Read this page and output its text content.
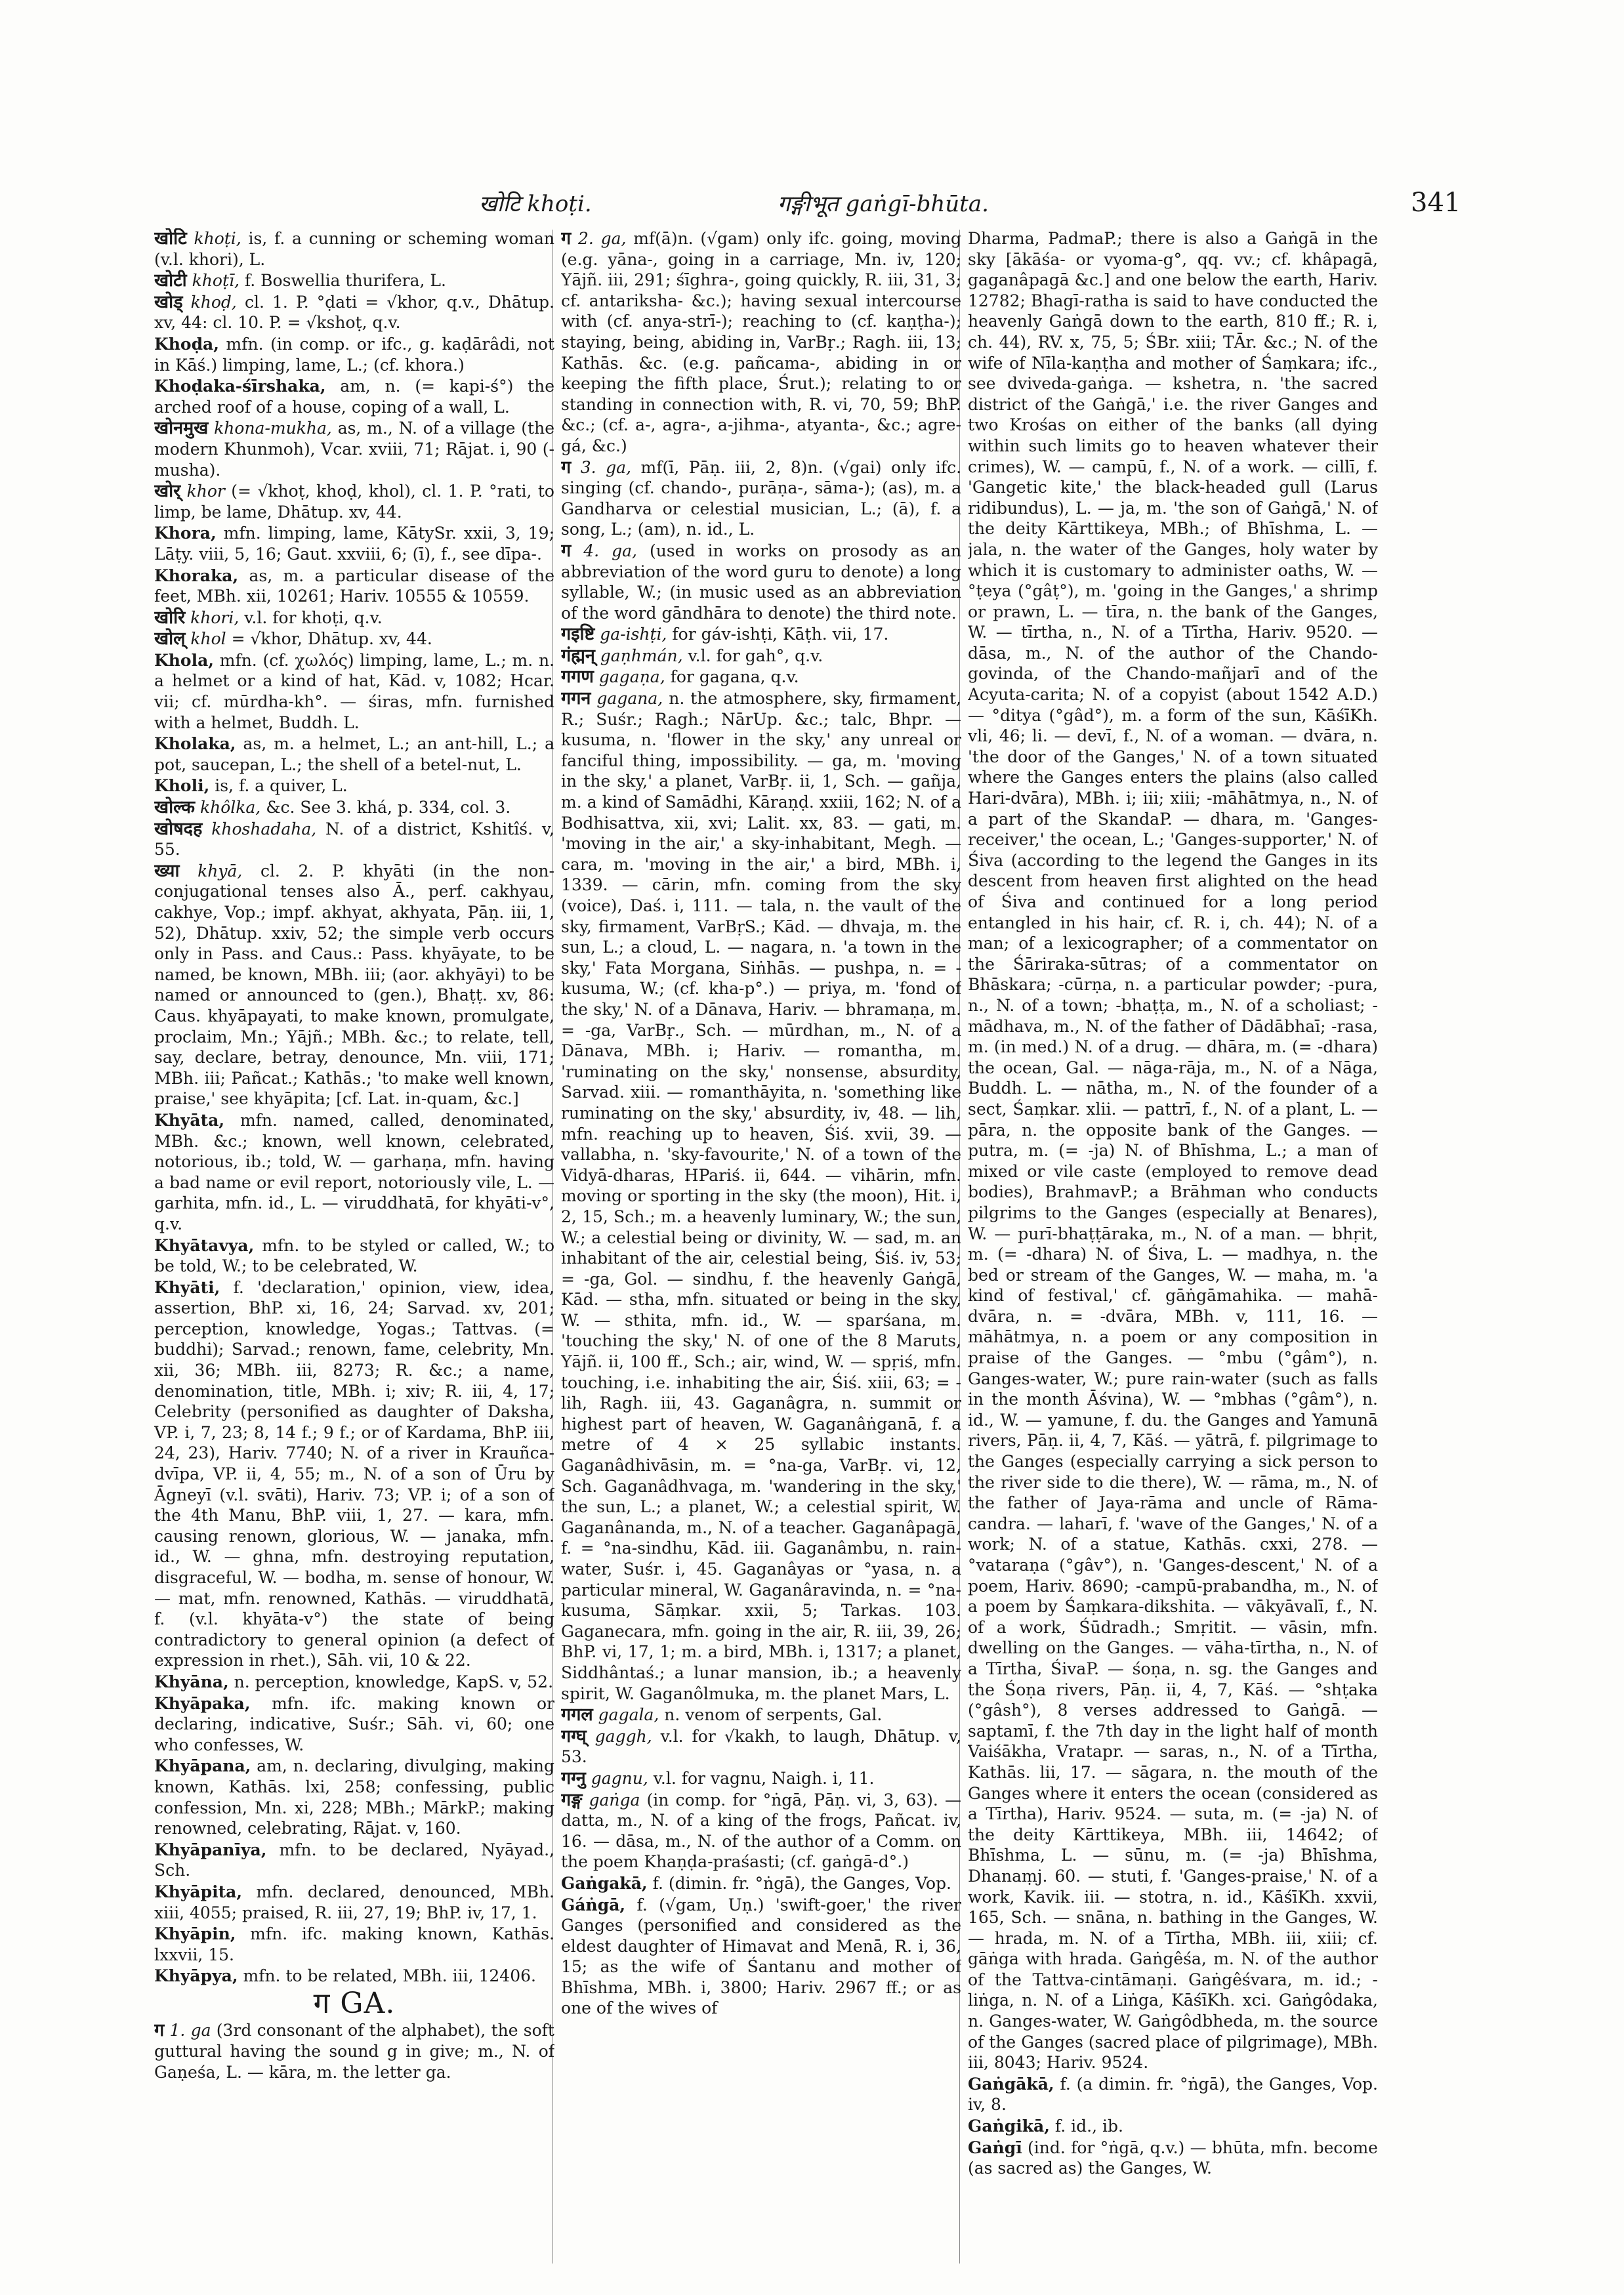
खोटि khoṭi.	गङ्गीभूत gaṅgī-bhūta.	341
खोटि khoṭi, is, f. a cunning or scheming woman (v.l. khori), L.
खोटी khoṭī, f. Boswellia thurifera, L.
खोड् khoḍ, cl. 1. P. °ḍati = √khor, q.v., Dhātup. xv, 44: cl. 10. P. = √kshoṭ, q.v.
Khoḍa, mfn. (in comp. or ifc., g. kaḍārâdi, not in Kāś.) limping, lame, L.; (cf. khora.)
Khoḍaka-śīrshaka, am, n. (= kapi-ś°) the arched roof of a house, coping of a wall, L.
खोनमुख khona-mukha, as, m., N. of a village (the modern Khunmoh), Vcar. xviii, 71; Rājat. i, 90 (-musha).
खोर् khor (= √khoṭ, khoḍ, khol), cl. 1. P. °rati, to limp, be lame, Dhātup. xv, 44.
Khora, mfn. limping, lame, KātySr. xxii, 3, 19; Lāṭy. viii, 5, 16; Gaut. xxviii, 6; (ī), f., see dīpa-.
Khoraka, as, m. a particular disease of the feet, MBh. xii, 10261; Hariv. 10555 & 10559.
खोरि khori, v.l. for khoṭi, q.v.
खोल् khol = √khor, Dhātup. xv, 44.
Khola, mfn. (cf. χωλός) limping, lame, L.; m. n. a helmet or a kind of hat, Kād. v, 1082; Hcar. vii; cf. mūrdha-kh°. — śiras, mfn. furnished with a helmet, Buddh. L.
Kholaka, as, m. a helmet, L.; an ant-hill, L.; a pot, saucepan, L.; the shell of a betel-nut, L.
Kholi, is, f. a quiver, L.
खोल्क khôlka, &c. See 3. khá, p. 334, col. 3.
खोषदह khoshadaha, N. of a district, Kshitîś. v, 55.
ख्या khyā, cl. 2. P. khyāti (in the non-conjugational tenses also Ā., perf. cakhyau, cakhye, Vop.; impf. akhyat, akhyata, Pāṇ. iii, 1, 52), Dhātup. xxiv, 52; the simple verb occurs only in Pass. and Caus.: Pass. khyāyate, to be named, be known, MBh. iii; (aor. akhyāyi) to be named or announced to (gen.), Bhaṭṭ. xv, 86: Caus. khyāpayati, to make known, promulgate, proclaim, Mn.; Yājñ.; MBh. &c.; to relate, tell, say, declare, betray, denounce, Mn. viii, 171; MBh. iii; Pañcat.; Kathās.; 'to make well known, praise,' see khyāpita; [cf. Lat. in-quam, &c.]
Khyāta, mfn. named, called, denominated, MBh. &c.; known, well known, celebrated, notorious, ib.; told, W. — garhaṇa, mfn. having a bad name or evil report, notoriously vile, L. — garhita, mfn. id., L. — viruddhatā, for khyāti-v°, q.v.
Khyātavya, mfn. to be styled or called, W.; to be told, W.; to be celebrated, W.
Khyāti, f. 'declaration,' opinion, view, idea, assertion, BhP. xi, 16, 24; Sarvad. xv, 201; perception, knowledge, Yogas.; Tattvas. (= buddhi); Sarvad.; renown, fame, celebrity, Mn. xii, 36; MBh. iii, 8273; R. &c.; a name, denomination, title, MBh. i; xiv; R. iii, 4, 17; Celebrity (personified as daughter of Daksha, VP. i, 7, 23; 8, 14 f.; 9 f.; or of Kardama, BhP. iii, 24, 23), Hariv. 7740; N. of a river in Krauñca-dvīpa, VP. ii, 4, 55; m., N. of a son of Ūru by Āgneyī (v.l. svāti), Hariv. 73; VP. i; of a son of the 4th Manu, BhP. viii, 1, 27. — kara, mfn. causing renown, glorious, W. — janaka, mfn. id., W. — ghna, mfn. destroying reputation, disgraceful, W. — bodha, m. sense of honour, W. — mat, mfn. renowned, Kathās. — viruddhatā, f. (v.l. khyāta-v°) the state of being contradictory to general opinion (a defect of expression in rhet.), Sāh. vii, 10 & 22.
Khyāna, n. perception, knowledge, KapS. v, 52.
Khyāpaka, mfn. ifc. making known or declaring, indicative, Suśr.; Sāh. vi, 60; one who confesses, W.
Khyāpana, am, n. declaring, divulging, making known, Kathās. lxi, 258; confessing, public confession, Mn. xi, 228; MBh.; MārkP.; making renowned, celebrating, Rājat. v, 160.
Khyāpanīya, mfn. to be declared, Nyāyad., Sch.
Khyāpita, mfn. declared, denounced, MBh. xiii, 4055; praised, R. iii, 27, 19; BhP. iv, 17, 1.
Khyāpin, mfn. ifc. making known, Kathās. lxxvii, 15.
Khyāpya, mfn. to be related, MBh. iii, 12406.
ग GA.
ग 1. ga (3rd consonant of the alphabet), the soft guttural having the sound g in give; m., N. of Gaṇeśa, L. — kāra, m. the letter ga.
ग 2. ga, mf(ā)n. (√gam) only ifc. going, moving (e.g. yāna-, going in a carriage, Mn. iv, 120; Yājñ. iii, 291; śīghra-, going quickly, R. iii, 31, 3; cf. antariksha- &c.); having sexual intercourse with (cf. anya-strī-); reaching to (cf. kaṇṭha-); staying, being, abiding in, VarBṛ.; Ragh. iii, 13; Kathās. &c. (e.g. pañcama-, abiding in or keeping the fifth place, Śrut.); relating to or standing in connection with, R. vi, 70, 59; BhP. &c.; (cf. a-, agra-, a-jihma-, atyanta-, &c.; agre-gá, &c.)
ग 3. ga, mf(ī, Pāṇ. iii, 2, 8)n. (√gai) only ifc. singing (cf. chando-, purāṇa-, sāma-); (as), m. a Gandharva or celestial musician, L.; (ā), f. a song, L.; (am), n. id., L.
ग 4. ga, (used in works on prosody as an abbreviation of the word guru to denote) a long syllable, W.; (in music used as an abbreviation of the word gāndhāra to denote) the third note.
गइष्टि ga-ishṭi, for gáv-ishṭi, Kāṭh. vii, 17.
गंह्मन् gaṇhmán, v.l. for gah°, q.v.
गगण gagaṇa, for gagana, q.v.
गगन gagana, n. the atmosphere, sky, firmament, R.; Suśr.; Ragh.; NārUp. &c.; talc, Bhpr. — kusuma, n. 'flower in the sky,' any unreal or fanciful thing, impossibility. — ga, m. 'moving in the sky,' a planet, VarBṛ. ii, 1, Sch. — gañja, m. a kind of Samādhi, Kāraṇḍ. xxiii, 162; N. of a Bodhisattva, xii, xvi; Lalit. xx, 83. — gati, m. 'moving in the air,' a sky-inhabitant, Megh. — cara, m. 'moving in the air,' a bird, MBh. i, 1339. — cārin, mfn. coming from the sky (voice), Daś. i, 111. — tala, n. the vault of the sky, firmament, VarBṛS.; Kād. — dhvaja, m. the sun, L.; a cloud, L. — nagara, n. 'a town in the sky,' Fata Morgana, Siṅhās. — pushpa, n. = -kusuma, W.; (cf. kha-p°.) — priya, m. 'fond of the sky,' N. of a Dānava, Hariv. — bhramaṇa, m. = -ga, VarBṛ., Sch. — mūrdhan, m., N. of a Dānava, MBh. i; Hariv. — romantha, m. 'ruminating on the sky,' nonsense, absurdity, Sarvad. xiii. — romanthāyita, n. 'something like ruminating on the sky,' absurdity, iv, 48. — lih, mfn. reaching up to heaven, Śiś. xvii, 39. — vallabha, n. 'sky-favourite,' N. of a town of the Vidyā-dharas, HPariś. ii, 644. — vihārin, mfn. moving or sporting in the sky (the moon), Hit. i, 2, 15, Sch.; m. a heavenly luminary, W.; the sun, W.; a celestial being or divinity, W. — sad, m. an inhabitant of the air, celestial being, Śiś. iv, 53; = -ga, Gol. — sindhu, f. the heavenly Gaṅgā, Kād. — stha, mfn. situated or being in the sky, W. — sthita, mfn. id., W. — sparśana, m. 'touching the sky,' N. of one of the 8 Maruts, Yājñ. ii, 100 ff., Sch.; air, wind, W. — spṛiś, mfn. touching, i.e. inhabiting the air, Śiś. xiii, 63; = -lih, Ragh. iii, 43. Gaganâgra, n. summit or highest part of heaven, W. Gaganâṅganā, f. a metre of 4 × 25 syllabic instants. Gaganâdhivāsin, m. = °na-ga, VarBṛ. vi, 12, Sch. Gaganâdhvaga, m. 'wandering in the sky,' the sun, L.; a planet, W.; a celestial spirit, W. Gaganânanda, m., N. of a teacher. Gaganâpagā, f. = °na-sindhu, Kād. iii. Gaganâmbu, n. rain-water, Suśr. i, 45. Gaganâyas or °yasa, n. a particular mineral, W. Gaganâravinda, n. = °na-kusuma, Sāṃkar. xxii, 5; Tarkas. 103. Gaganecara, mfn. going in the air, R. iii, 39, 26; BhP. vi, 17, 1; m. a bird, MBh. i, 1317; a planet, Siddhântaś.; a lunar mansion, ib.; a heavenly spirit, W. Gaganôlmuka, m. the planet Mars, L.
गगल gagala, n. venom of serpents, Gal.
गग्घ् gaggh, v.l. for √kakh, to laugh, Dhātup. v, 53.
गग्नु gagnu, v.l. for vagnu, Naigh. i, 11.
गङ्ग gaṅga (in comp. for °ṅgā, Pāṇ. vi, 3, 63). — datta, m., N. of a king of the frogs, Pañcat. iv, 16. — dāsa, m., N. of the author of a Comm. on the poem Khaṇḍa-praśasti; (cf. gaṅgā-d°.)
Gaṅgakā, f. (dimin. fr. °ṅgā), the Ganges, Vop.
Gáṅgā, f. (√gam, Uṇ.) 'swift-goer,' the river Ganges (personified and considered as the eldest daughter of Himavat and Menā, R. i, 36, 15; as the wife of Śantanu and mother of Bhīshma, MBh. i, 3800; Hariv. 2967 ff.; or as one of the wives of
Dharma, PadmaP.; there is also a Gaṅgā in the sky [ākāśa- or vyoma-g°, qq. vv.; cf. khâpagā, gaganâpagā &c.] and one below the earth, Hariv. 12782; Bhagī-ratha is said to have conducted the heavenly Gaṅgā down to the earth, 810 ff.; R. i, ch. 44), RV. x, 75, 5; ŚBr. xiii; TĀr. &c.; N. of the wife of Nīla-kaṇṭha and mother of Śaṃkara; ifc., see dviveda-gaṅga. — kshetra, n. 'the sacred district of the Gaṅgā,' i.e. the river Ganges and two Krośas on either of the banks (all dying within such limits go to heaven whatever their crimes), W. — campū, f., N. of a work. — cillī, f. 'Gangetic kite,' the black-headed gull (Larus ridibundus), L. — ja, m. 'the son of Gaṅgā,' N. of the deity Kārttikeya, MBh.; of Bhīshma, L. — jala, n. the water of the Ganges, holy water by which it is customary to administer oaths, W. — °ṭeya (°gâṭ°), m. 'going in the Ganges,' a shrimp or prawn, L. — tīra, n. the bank of the Ganges, W. — tīrtha, n., N. of a Tīrtha, Hariv. 9520. — dāsa, m., N. of the author of the Chando-govinda, of the Chando-mañjarī and of the Acyuta-carita; N. of a copyist (about 1542 A.D.) — °ditya (°gâd°), m. a form of the sun, KāśīKh. vli, 46; li. — devī, f., N. of a woman. — dvāra, n. 'the door of the Ganges,' N. of a town situated where the Ganges enters the plains (also called Hari-dvāra), MBh. i; iii; xiii; -māhātmya, n., N. of a part of the SkandaP. — dhara, m. 'Ganges-receiver,' the ocean, L.; 'Ganges-supporter,' N. of Śiva (according to the legend the Ganges in its descent from heaven first alighted on the head of Śiva and continued for a long period entangled in his hair, cf. R. i, ch. 44); N. of a man; of a lexicographer; of a commentator on the Śāriraka-sūtras; of a commentator on Bhāskara; -cūrṇa, n. a particular powder; -pura, n., N. of a town; -bhaṭṭa, m., N. of a scholiast; -mādhava, m., N. of the father of Dādābhaī; -rasa, m. (in med.) N. of a drug. — dhāra, m. (= -dhara) the ocean, Gal. — nāga-rāja, m., N. of a Nāga, Buddh. L. — nātha, m., N. of the founder of a sect, Śaṃkar. xlii. — pattrī, f., N. of a plant, L. — pāra, n. the opposite bank of the Ganges. — putra, m. (= -ja) N. of Bhīshma, L.; a man of mixed or vile caste (employed to remove dead bodies), BrahmavP.; a Brāhman who conducts pilgrims to the Ganges (especially at Benares), W. — purī-bhaṭṭāraka, m., N. of a man. — bhṛit, m. (= -dhara) N. of Śiva, L. — madhya, n. the bed or stream of the Ganges, W. — maha, m. 'a kind of festival,' cf. gāṅgāmahika. — mahā-dvāra, n. = -dvāra, MBh. v, 111, 16. — māhātmya, n. a poem or any composition in praise of the Ganges. — °mbu (°gâm°), n. Ganges-water, W.; pure rain-water (such as falls in the month Āśvina), W. — °mbhas (°gâm°), n. id., W. — yamune, f. du. the Ganges and Yamunā rivers, Pāṇ. ii, 4, 7, Kāś. — yātrā, f. pilgrimage to the Ganges (especially carrying a sick person to the river side to die there), W. — rāma, m., N. of the father of Jaya-rāma and uncle of Rāma-candra. — laharī, f. 'wave of the Ganges,' N. of a work; N. of a statue, Kathās. cxxi, 278. — °vataraṇa (°gâv°), n. 'Ganges-descent,' N. of a poem, Hariv. 8690; -campū-prabandha, m., N. of a poem by Śaṃkara-dikshita. — vākyāvalī, f., N. of a work, Śūdradh.; Smṛitit. — vāsin, mfn. dwelling on the Ganges. — vāha-tīrtha, n., N. of a Tīrtha, ŚivaP. — śoṇa, n. sg. the Ganges and the Śoṇa rivers, Pāṇ. ii, 4, 7, Kāś. — °shṭaka (°gâsh°), 8 verses addressed to Gaṅgā. — saptamī, f. the 7th day in the light half of month Vaiśākha, Vratapr. — saras, n., N. of a Tīrtha, Kathās. lii, 17. — sāgara, n. the mouth of the Ganges where it enters the ocean (considered as a Tīrtha), Hariv. 9524. — suta, m. (= -ja) N. of the deity Kārttikeya, MBh. iii, 14642; of Bhīshma, L. — sūnu, m. (= -ja) Bhīshma, Dhanaṃj. 60. — stuti, f. 'Ganges-praise,' N. of a work, Kavik. iii. — stotra, n. id., KāśīKh. xxvii, 165, Sch. — snāna, n. bathing in the Ganges, W. — hrada, m. N. of a Tīrtha, MBh. iii, xiii; cf. gāṅga with hrada. Gaṅgêśa, m. N. of the author of the Tattva-cintāmaṇi. Gaṅgêśvara, m. id.; -liṅga, n. N. of a Liṅga, KāśīKh. xci. Gaṅgôdaka, n. Ganges-water, W. Gaṅgôdbheda, m. the source of the Ganges (sacred place of pilgrimage), MBh. iii, 8043; Hariv. 9524.
Gaṅgākā, f. (a dimin. fr. °ṅgā), the Ganges, Vop. iv, 8.
Gaṅgikā, f. id., ib.
Gaṅgī (ind. for °ṅgā, q.v.) — bhūta, mfn. become (as sacred as) the Ganges, W.
